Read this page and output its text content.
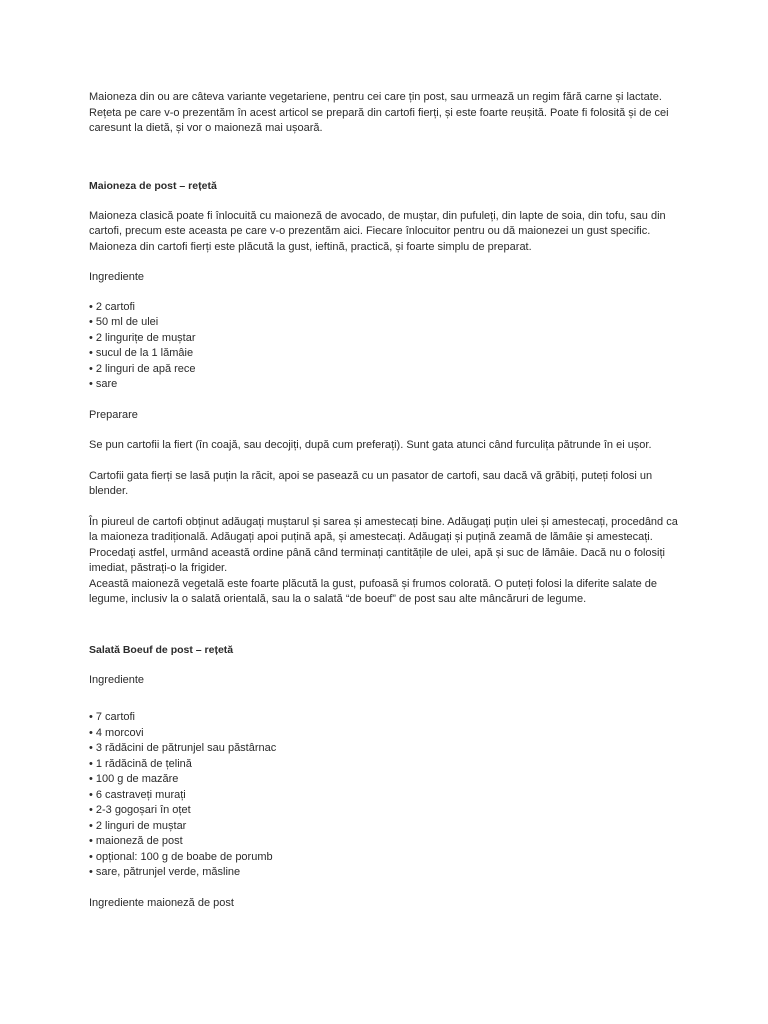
Maioneza din ou are câteva variante vegetariene, pentru cei care țin post, sau urmează un regim fără carne și lactate. Rețeta pe care v-o prezentăm în acest articol se prepară din cartofi fierți, și este foarte reușită. Poate fi folosită și de cei caresunt la dietă, și vor o maioneză mai ușoară.

Maioneza de post – rețetă

Maioneza clasică poate fi înlocuită cu maioneză de avocado, de muștar, din pufuleți, din lapte de soia, din tofu, sau din cartofi, precum este aceasta pe care v-o prezentăm aici. Fiecare înlocuitor pentru ou dă maionezei un gust specific. Maioneza din cartofi fierți este plăcută la gust, ieftină, practică, și foarte simplu de preparat.

Ingrediente

• 2 cartofi
• 50 ml de ulei
• 2 lingurițe de muștar
• sucul de la 1 lămâie
• 2 linguri de apă rece
• sare

Preparare

Se pun cartofii la fiert (în coajă, sau decojiți, după cum preferați). Sunt gata atunci când furculița pătrunde în ei ușor.

Cartofii gata fierți se lasă puțin la răcit, apoi se pasează cu un pasator de cartofi, sau dacă vă grăbiți, puteți folosi un blender.

În piureul de cartofi obținut adăugați muștarul și sarea și amestecați bine. Adăugați puțin ulei și amestecați, procedând ca la maioneza tradițională. Adăugați apoi puțină apă, și amestecați. Adăugați și puțină zeamă de lămâie și amestecați. Procedați astfel, urmând această ordine până când terminați cantitățile de ulei, apă și suc de lămâie. Dacă nu o folosiți imediat, păstrați-o la frigider.

Această maioneză vegetală este foarte plăcută la gust, pufoasă și frumos colorată. O puteți folosi la diferite salate de legume, inclusiv la o salată orientală, sau la o salată “de boeuf” de post sau alte mâncăruri de legume.

Salată Boeuf de post – rețetă

Ingrediente

• 7 cartofi
• 4 morcovi
• 3 rădăcini de pătrunjel sau păstârnac
• 1 rădăcină de țelină
• 100 g de mazăre
• 6 castraveți murați
• 2-3 gogoșari în oțet
• 2 linguri de muștar
• maioneză de post
• opțional: 100 g de boabe de porumb
• sare, pătrunjel verde, măsline

Ingrediente maioneză de post
